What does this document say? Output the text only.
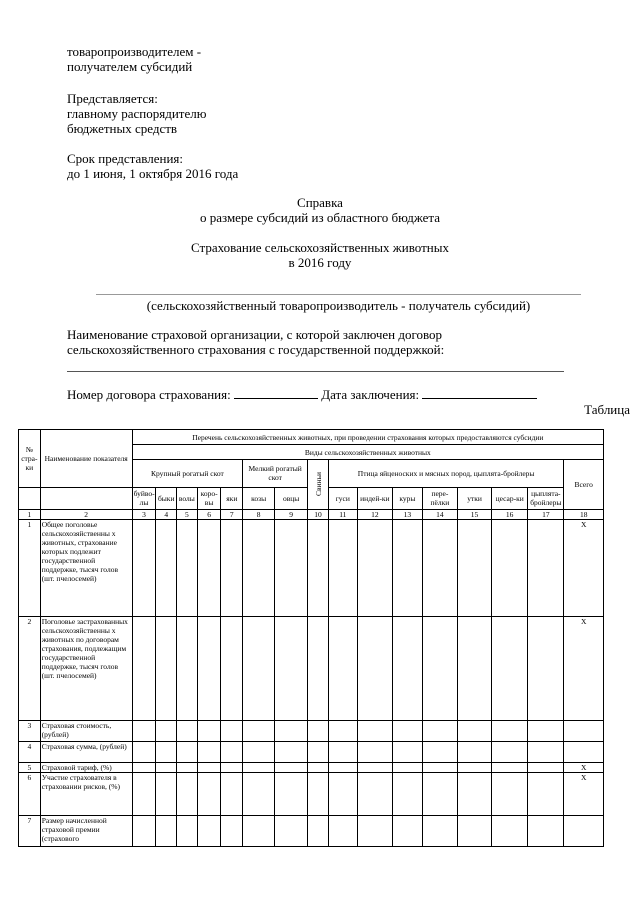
товаропроизводителем -
получателем субсидий
Представляется:
главному распорядителю
бюджетных средств
Срок представления:
до 1 июня, 1 октября 2016 года
Справка
о размере субсидий из областного бюджета
Страхование сельскохозяйственных животных
в 2016 году
(сельскохозяйственный товаропроизводитель - получатель субсидий)
Наименование страховой организации, с которой заключен договор
сельскохозяйственного страхования с государственной поддержкой:
Номер договора страхования:	Дата заключения:
Таблица
№ стра-ки	Наименование показателя	Перечень сельскохозяйственных животных, при проведении страхования которых предоставляются субсидии															
		Виды сельскохозяйственных животных															
		Крупный рогатый скот					Мелкий рогатый скот		Свиньи	Птица яйценоских и мясных пород, цыплята-бройлеры							Всего
		буйво-лы	быки	волы	коро-вы	яки	козы	овцы		гуси	индей-ки	куры	пере-пёлки	утки	цесар-ки	цыплята-бройлеры	
1	2	3	4	5	6	7	8	9	10	11	12	13	14	15	16	17	18
1	Общее поголовье сельскохозяйственны х животных, страхование которых подлежит государственной поддержке, тысяч голов (шт. пчелосемей)																X
2	Поголовье застрахованных сельскохозяйственны х животных по договорам страхования, подлежащим государственной поддержке, тысяч голов (шт. пчелосемей)																X
3	Страховая стоимость, (рублей)																
4	Страховая сумма, (рублей)																
5	Страховой тариф, (%)																X
6	Участие страхователя в страховании рисков, (%)																X
7	Размер начисленной страховой премии (страхового																
